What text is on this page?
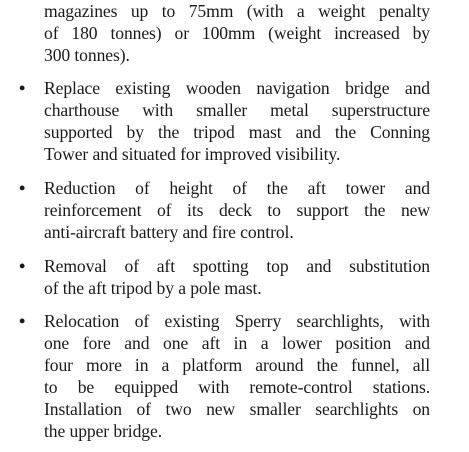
magazines up to 75mm (with a weight penalty
of 180 tonnes) or 100mm (weight increased by
300 tonnes).
• Replace existing wooden navigation bridge and
charthouse with smaller metal superstructure
supported by the tripod mast and the Conning
Tower and situated for improved visibility.
• Reduction of height of the aft tower and
reinforcement of its deck to support the new
anti-aircraft battery and fire control.
• Removal of aft spotting top and substitution
of the aft tripod by a pole mast.
• Relocation of existing Sperry searchlights, with
one fore and one aft in a lower position and
four more in a platform around the funnel, all
to be equipped with remote-control stations.
Installation of two new smaller searchlights on
the upper bridge.
